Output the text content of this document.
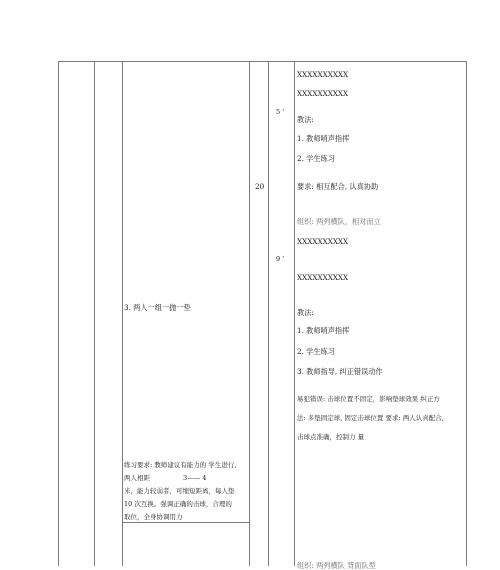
3. 两人一组一抛一垫
练习要求: 教师建议有能力的 学生进行,
两人相距                3—— 4
米，能力较弱者，可缩短距离，每人垫
10 次互换。强调正确的击球，合理的
取位，全身协调用力
20
5 ’
9 ’
XXXXXXXXXX
XXXXXXXXXX
教法:
1. 教师哨声指挥
2. 学生练习
要求: 相互配合, 认真协助
组织: 两列横队，相对而立
XXXXXXXXXX
XXXXXXXXXX
教法:
1. 教师哨声指挥
2. 学生练习
3. 教师指导, 纠正错误动作
易犯错误: 击球位置不固定，影响垫球效果 纠正方
法: 多垫固定球, 固定击球位置 要求: 两人认真配合,
击球点准确，控制力 量
组织: 两列横队 背面队型
